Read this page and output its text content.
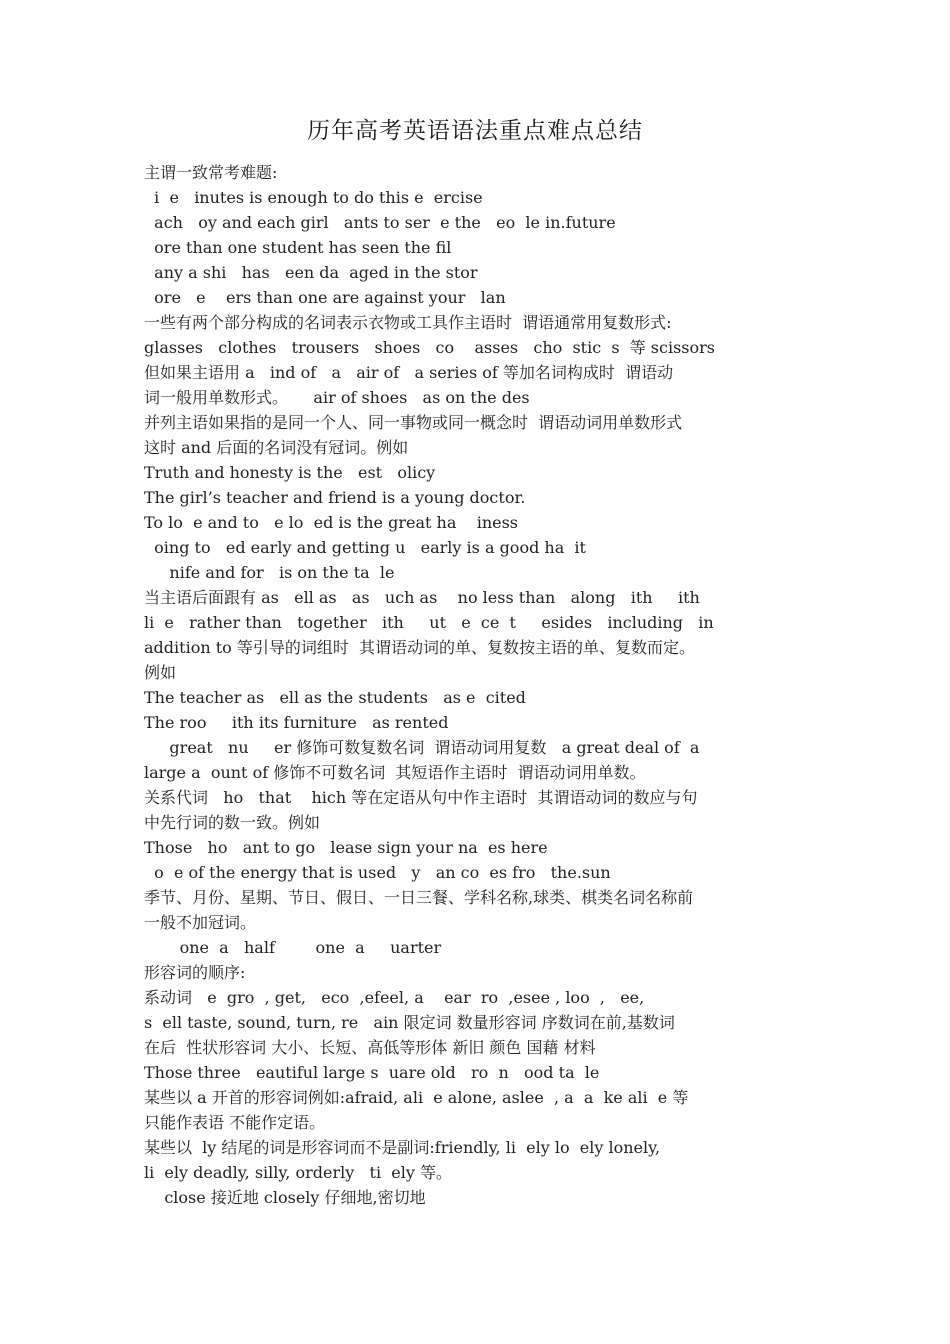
历年高考英语语法重点难点总结
主谓一致常考难题:
i  e   inutes is enough to do this e  ercise
ach   oy and each girl   ants to ser  e the   eo  le in.future
ore than one student has seen the fil
any a shi   has   een da  aged in the stor
ore   e    ers than one are against your   lan
一些有两个部分构成的名词表示衣物或工具作主语时  谓语通常用复数形式:
glasses   clothes   trousers   shoes   co    asses   cho  stic  s  等 scissors
但如果主语用 a   ind of   a   air of   a series of 等加名词构成时  谓语动
词一般用单数形式。     air of shoes   as on the des
并列主语如果指的是同一个人、同一事物或同一概念时  谓语动词用单数形式
这时 and 后面的名词没有冠词。例如
Truth and honesty is the   est   olicy
The girl’s teacher and friend is a young doctor.
To lo  e and to   e lo  ed is the great ha    iness
oing to   ed early and getting u   early is a good ha  it
nife and for   is on the ta  le
当主语后面跟有 as   ell as   as   uch as    no less than   along   ith     ith
li  e   rather than   together   ith     ut   e  ce  t     esides   including   in
addition to 等引导的词组时  其谓语动词的单、复数按主语的单、复数而定。
例如
The teacher as   ell as the students   as e  cited
The roo     ith its furniture   as rented
great   nu     er 修饰可数复数名词  谓语动词用复数   a great deal of  a
large a  ount of 修饰不可数名词  其短语作主语时  谓语动词用单数。
关系代词   ho   that    hich 等在定语从句中作主语时  其谓语动词的数应与句
中先行词的数一致。例如
Those   ho   ant to go   lease sign your na  es here
o  e of the energy that is used   y   an co  es fro   the.sun
季节、月份、星期、节日、假日、一日三餐、学科名称,球类、棋类名词名称前
一般不加冠词。
one  a   half        one  a     uarter
形容词的顺序:
系动词   e  gro  , get,   eco  ,efeel, a    ear  ro  ,esee , loo  ,   ee,
s  ell taste, sound, turn, re   ain 限定词 数量形容词 序数词在前,基数词
在后  性状形容词 大小、长短、高低等形体 新旧 颜色 国藉 材料
Those three   eautiful large s  uare old   ro  n   ood ta  le
某些以 a 开首的形容词例如:afraid, ali  e alone, aslee  , a  a  ke ali  e 等
只能作表语 不能作定语。
某些以  ly 结尾的词是形容词而不是副词:friendly, li  ely lo  ely lonely,
li  ely deadly, silly, orderly   ti  ely 等。
close 接近地 closely 仔细地,密切地
